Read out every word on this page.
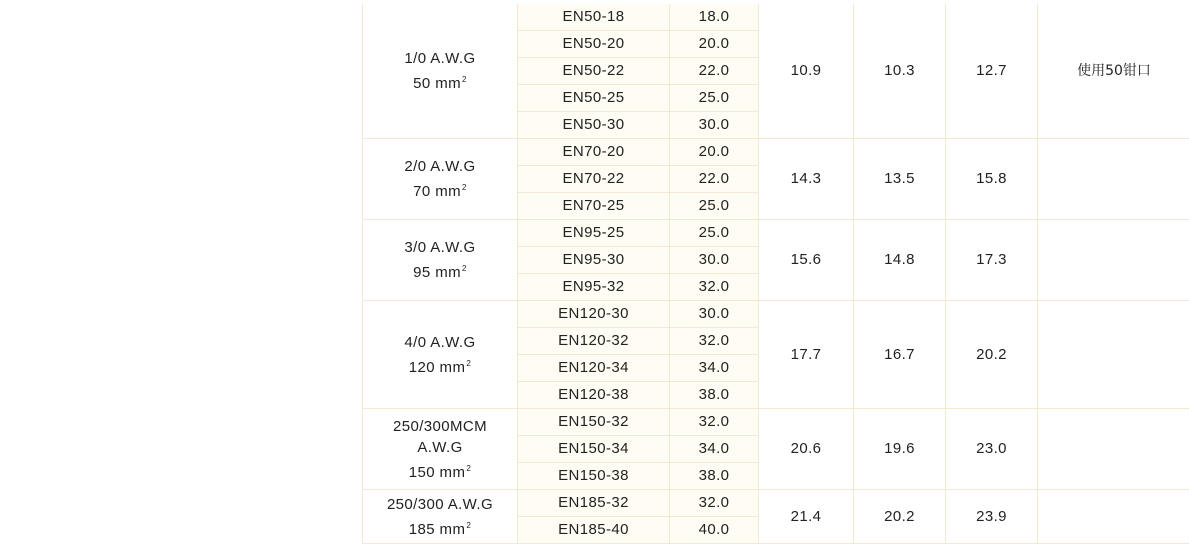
1/0 A.W.G
50 $mm^2$	EN50-18	18.0	10.9	10.3	12.7	使用50钳口
	EN50-20	20.0				
	EN50-22	22.0				
	EN50-25	25.0				
	EN50-30	30.0				

2/0 A.W.G
70 $mm^2$	EN70-20	20.0	14.3	13.5	15.8	
	EN70-22	22.0				
	EN70-25	25.0				

3/0 A.W.G
95 $mm^2$	EN95-25	25.0	15.6	14.8	17.3	
	EN95-30	30.0				
	EN95-32	32.0				

4/0 A.W.G
120 $mm^2$	EN120-30	30.0	17.7	16.7	20.2	
	EN120-32	32.0				
	EN120-34	34.0				
	EN120-38	38.0				

250/300MCM
A.W.G
150 $mm^2$	EN150-32	32.0	20.6	19.6	23.0	
	EN150-34	34.0				
	EN150-38	38.0				

250/300 A.W.G
185 $mm^2$	EN185-32	32.0	21.4	20.2	23.9	
	EN185-40	40.0				
